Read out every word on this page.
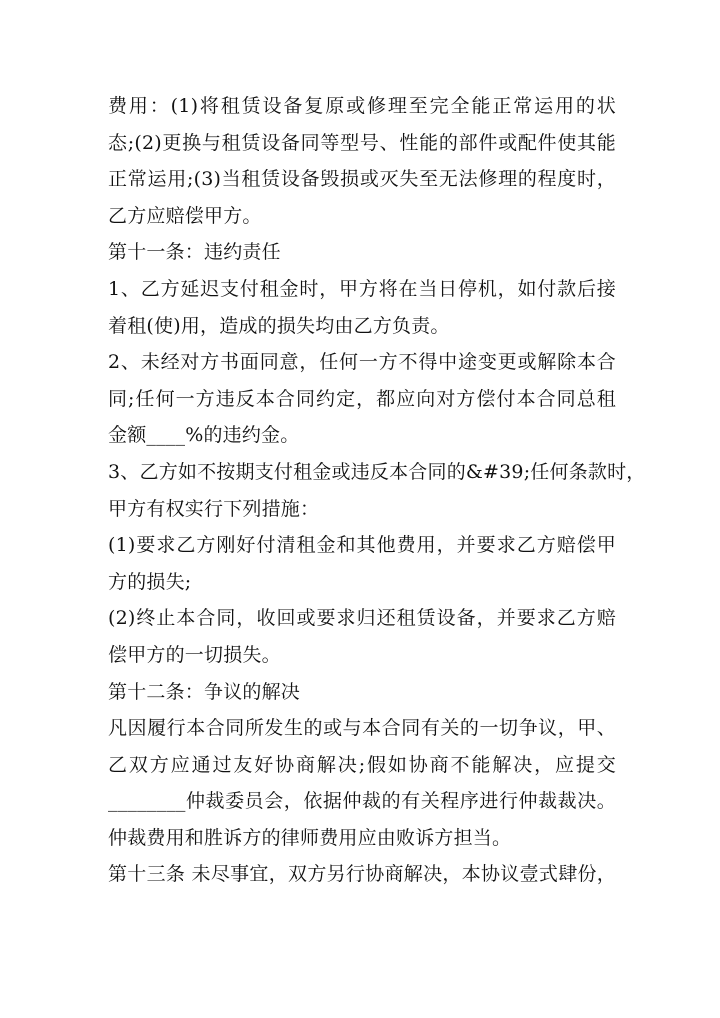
费用：(1)将租赁设备复原或修理至完全能正常运用的状
态;(2)更换与租赁设备同等型号、性能的部件或配件使其能
正常运用;(3)当租赁设备毁损或灭失至无法修理的程度时，
乙方应赔偿甲方。
第十一条：违约责任
1、乙方延迟支付租金时，甲方将在当日停机，如付款后接
着租(使)用，造成的损失均由乙方负责。
2、未经对方书面同意，任何一方不得中途变更或解除本合
同;任何一方违反本合同约定，都应向对方偿付本合同总租
金额____%的违约金。
3、乙方如不按期支付租金或违反本合同的&#39;任何条款时，
甲方有权实行下列措施：
(1)要求乙方刚好付清租金和其他费用，并要求乙方赔偿甲
方的损失;
(2)终止本合同，收回或要求归还租赁设备，并要求乙方赔
偿甲方的一切损失。
第十二条：争议的解决
凡因履行本合同所发生的或与本合同有关的一切争议，甲、
乙双方应通过友好协商解决;假如协商不能解决，应提交
________仲裁委员会，依据仲裁的有关程序进行仲裁裁决。
仲裁费用和胜诉方的律师费用应由败诉方担当。
第十三条 未尽事宜，双方另行协商解决，本协议壹式肆份，
